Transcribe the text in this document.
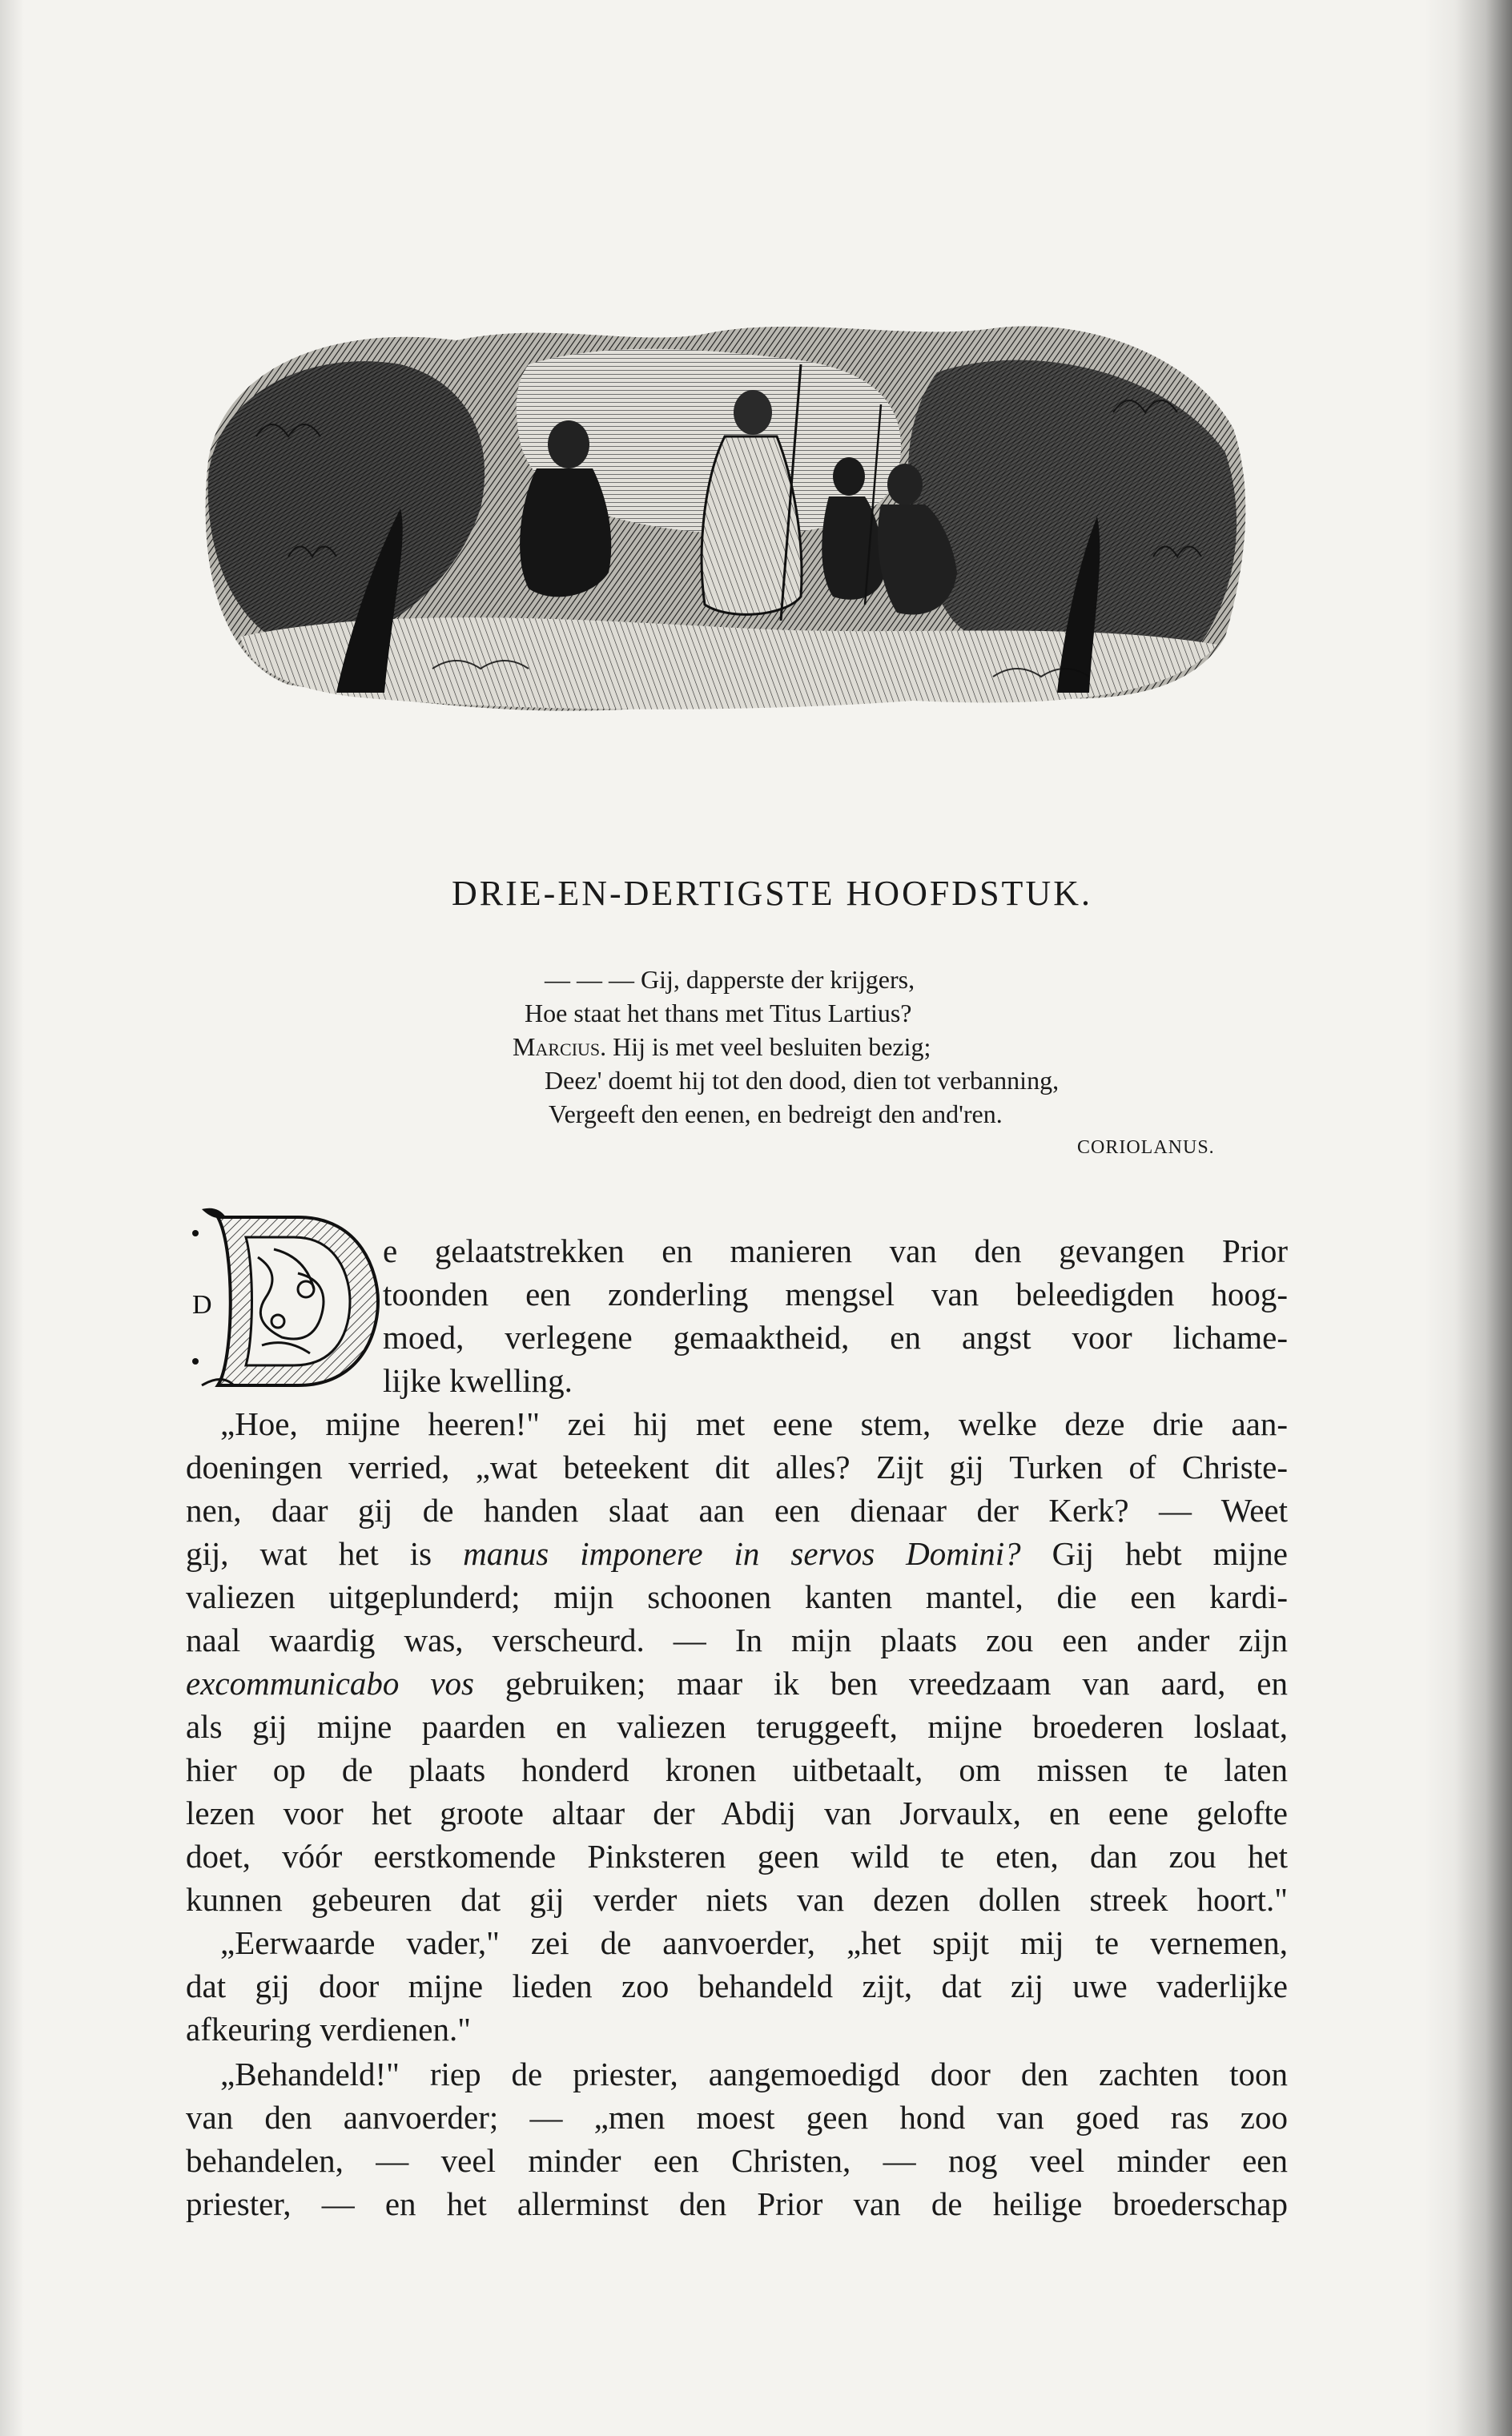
DRIE-EN-DERTIGSTE HOOFDSTUK.
— — — Gij, dapperste der krijgers,
Hoe staat het thans met Titus Lartius?
Marcius. Hij is met veel besluiten bezig;
Deez' doemt hij tot den dood, dien tot verbanning,
Vergeeft den eenen, en bedreigt den and'ren.
CORIOLANUS.
D
e gelaatstrekken en manieren van den gevangen Prior
toonden een zonderling mengsel van beleedigden hoog-
moed, verlegene gemaaktheid, en angst voor lichame-
lijke kwelling.
„Hoe, mijne heeren!" zei hij met eene stem, welke deze drie aan-
doeningen verried, „wat beteekent dit alles? Zijt gij Turken of Christe-
nen, daar gij de handen slaat aan een dienaar der Kerk? — Weet
gij, wat het is manus imponere in servos Domini? Gij hebt mijne
valiezen uitgeplunderd; mijn schoonen kanten mantel, die een kardi-
naal waardig was, verscheurd. — In mijn plaats zou een ander zijn
excommunicabo vos gebruiken; maar ik ben vreedzaam van aard, en
als gij mijne paarden en valiezen teruggeeft, mijne broederen loslaat,
hier op de plaats honderd kronen uitbetaalt, om missen te laten
lezen voor het groote altaar der Abdij van Jorvaulx, en eene gelofte
doet, vóór eerstkomende Pinksteren geen wild te eten, dan zou het
kunnen gebeuren dat gij verder niets van dezen dollen streek hoort."
„Eerwaarde vader," zei de aanvoerder, „het spijt mij te vernemen,
dat gij door mijne lieden zoo behandeld zijt, dat zij uwe vaderlijke
afkeuring verdienen."
„Behandeld!" riep de priester, aangemoedigd door den zachten toon
van den aanvoerder; — „men moest geen hond van goed ras zoo
behandelen, — veel minder een Christen, — nog veel minder een
priester, — en het allerminst den Prior van de heilige broederschap
